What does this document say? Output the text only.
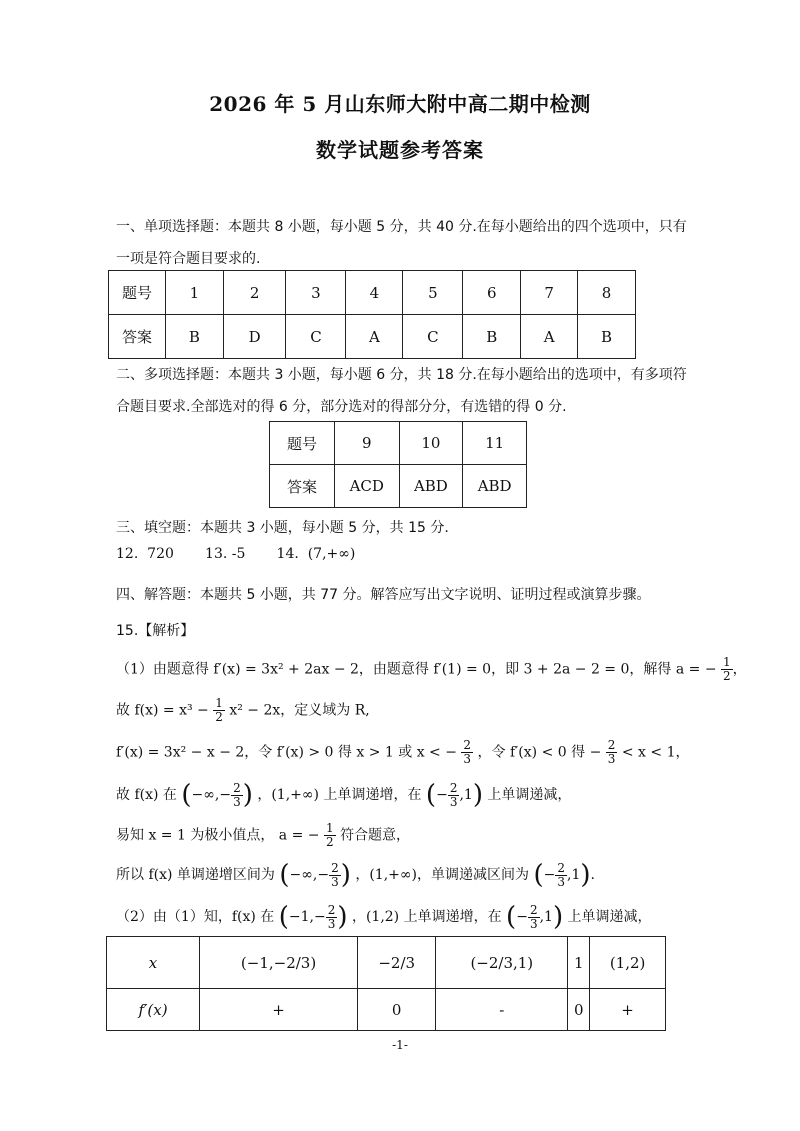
2026 年 5 月山东师大附中高二期中检测
数学试题参考答案
一、单项选择题：本题共 8 小题，每小题 5 分，共 40 分.在每小题给出的四个选项中，只有
一项是符合题目要求的.
题号	1	2	3	4	5	6	7	8
答案	B	D	C	A	C	B	A	B
二、多项选择题：本题共 3 小题，每小题 6 分，共 18 分.在每小题给出的选项中，有多项符
合题目要求.全部选对的得 6 分，部分选对的得部分分，有选错的得 0 分.
题号	9	10	11
答案	ACD	ABD	ABD
三、填空题：本题共 3 小题，每小题 5 分，共 15 分.
12.  720       13. -5       14.  (7,+∞)
四、解答题：本题共 5 小题，共 77 分。解答应写出文字说明、证明过程或演算步骤。
15.【解析】
（1）由题意得 f′(x) = 3x² + 2ax − 2，由题意得 f′(1) = 0，即 3 + 2a − 2 = 0，解得 a = − $\frac{1}{2}$ ，
故 $f(x) = x^3 - \frac{1}{2} x^2 - 2x$，定义域为 R,
f′(x) = 3x² − x − 2，令 f′(x) > 0 得 x > 1 或 x < − $\frac{2}{3}$ ，令 f′(x) < 0 得 − $\frac{2}{3} < x < 1$，
故 f(x) 在 (−∞,− $\frac{2}{3}$ ) ，(1,+∞) 上单调递增，在 (− $\frac{2}{3} ,1$) 上单调递减，
易知 x = 1 为极小值点， a = − $\frac{1}{2}$ 符合题意，
所以 f(x) 单调递增区间为 (−∞,− $\frac{2}{3}$ ) ，(1,+∞)，单调递减区间为 (− $\frac{2}{3} ,1$).
（2）由（1）知，f(x) 在 ($-1,- \frac{2}{3}$ ) ，(1,2) 上单调递增，在 (− $\frac{2}{3} ,1$) 上单调递减，
x	(−1,−2/3)	−2/3	(−2/3,1)	1	(1,2)
f′(x)	+	0	-	0	+
-1-
